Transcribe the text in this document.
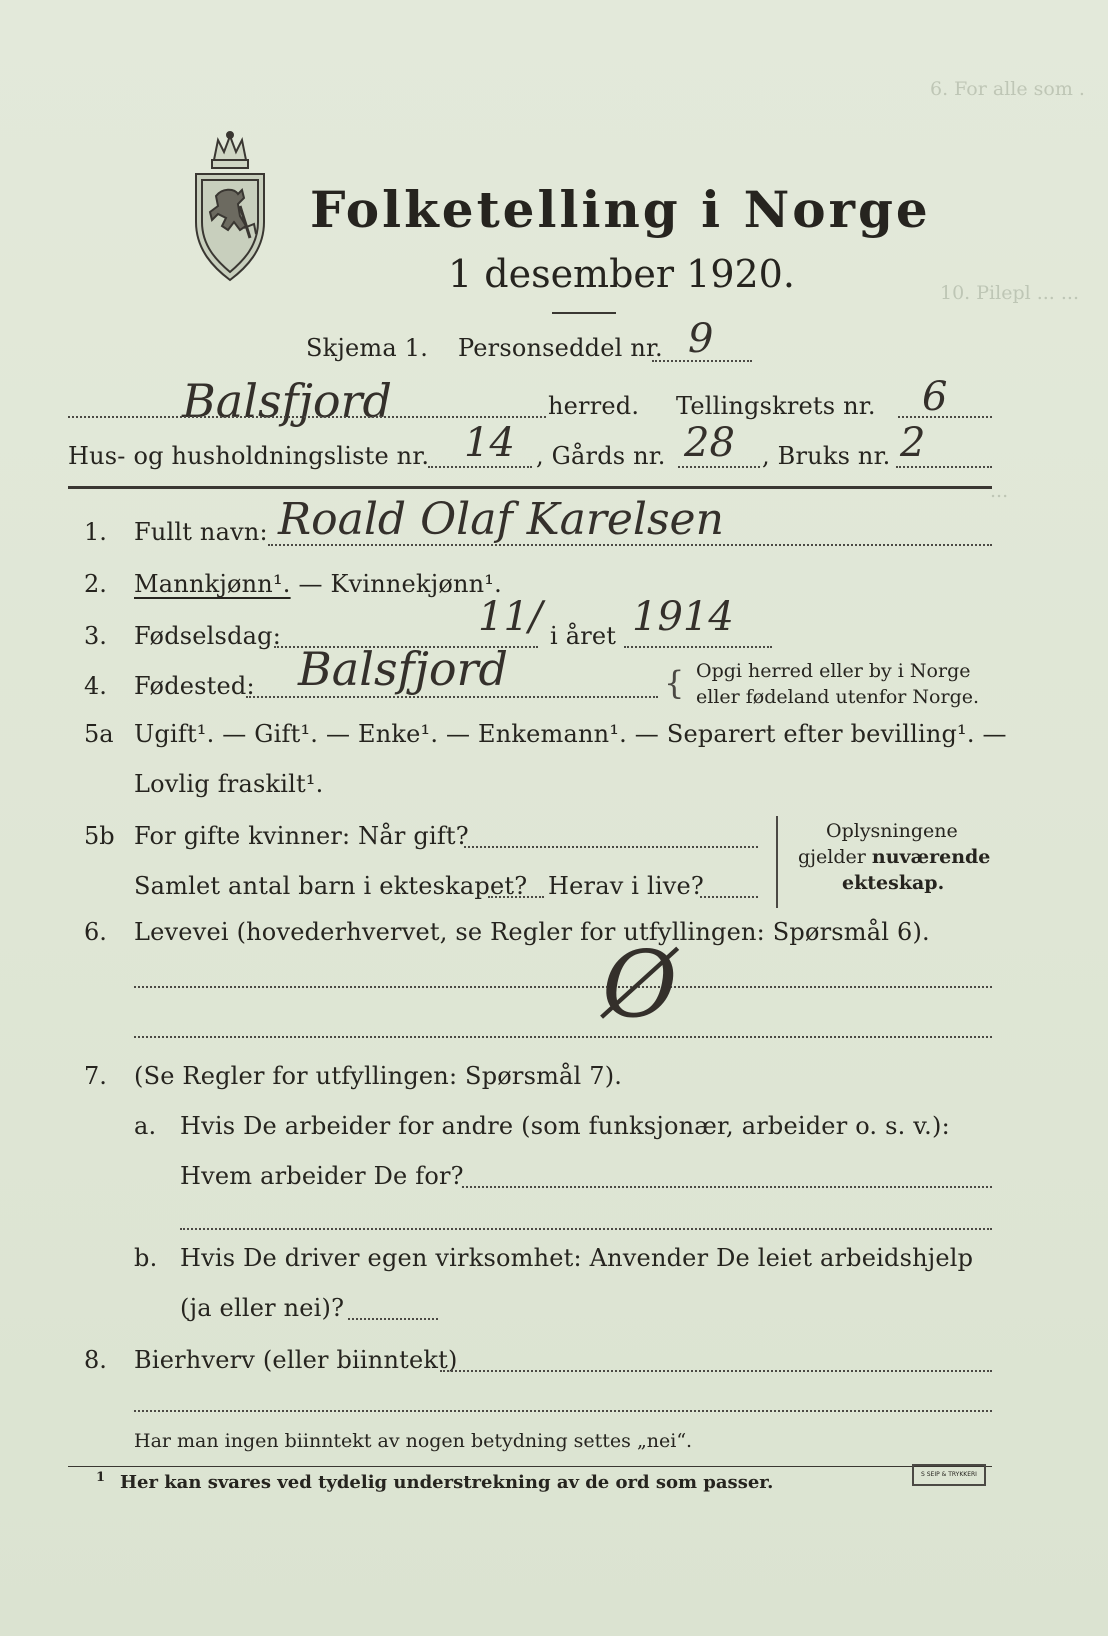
6. For alle som .
10. Pilepl ... ...
...
Folketelling i Norge
1 desember 1920.
Skjema 1. Personseddel nr. 9
Balsfjord	herred. Tellingskrets nr. 6
Hus- og husholdningsliste nr. 14 , Gårds nr. 28 , Bruks nr. 2
1. Fullt navn: Roald Olaf Karelsen
2. Mannkjønn¹. — Kvinnekjønn¹.
3. Fødselsdag:	11/ i året 1914
4. Fødested: Balsfjord	{ Opgi herred eller by i Norge
eller fødeland utenfor Norge.
5a Ugift¹. — Gift¹. — Enke¹. — Enkemann¹. — Separert efter bevilling¹. —
Lovlig fraskilt¹.
5b For gifte kvinner: Når gift?
Samlet antal barn i ekteskapet? Herav i live?
Oplysningene
gjelder nuværende
ekteskap.
6. Levevei (hovederhvervet, se Regler for utfyllingen: Spørsmål 6).
Ø
7. (Se Regler for utfyllingen: Spørsmål 7).
a. Hvis De arbeider for andre (som funksjonær, arbeider o. s. v.):
Hvem arbeider De for?
b. Hvis De driver egen virksomhet: Anvender De leiet arbeidshjelp
(ja eller nei)?
8. Bierhverv (eller biinntekt)
Har man ingen biinntekt av nogen betydning settes „nei“.
1 Her kan svares ved tydelig understrekning av de ord som passer.	S SEIP & TRYKKERI
